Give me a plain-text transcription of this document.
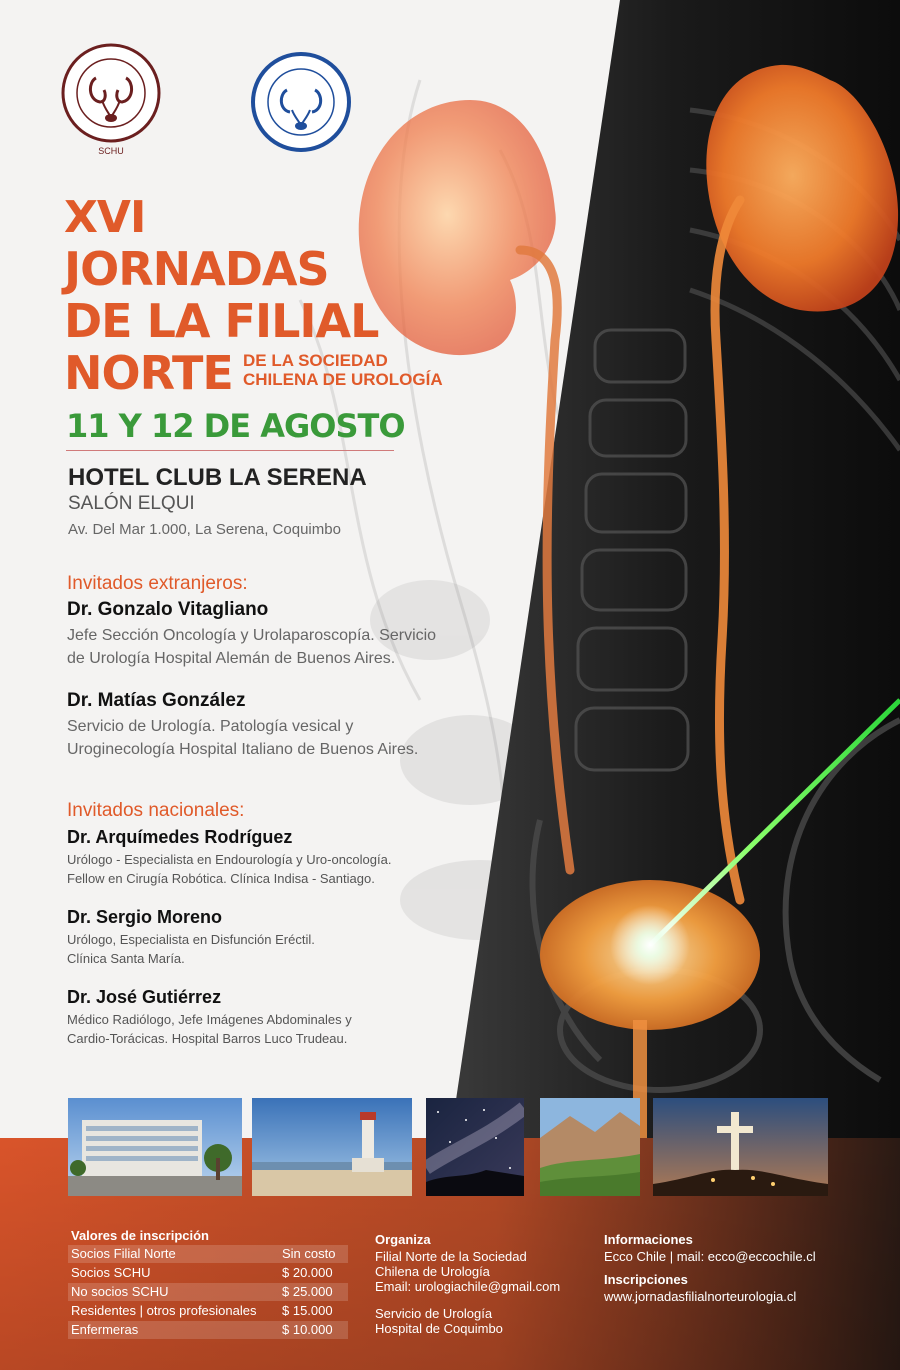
SCHU
XVI
JORNADAS
DE LA FILIAL
NORTE DE LA SOCIEDAD
CHILENA DE UROLOGÍA
11 Y 12 DE AGOSTO
HOTEL CLUB LA SERENA
SALÓN ELQUI
Av. Del Mar 1.000, La Serena, Coquimbo
Invitados extranjeros:
Dr. Gonzalo Vitagliano
Jefe Sección Oncología y Urolaparoscopía. Servicio
de Urología Hospital Alemán de Buenos Aires.
Dr. Matías González
Servicio de Urología. Patología vesical y
Uroginecología Hospital Italiano de Buenos Aires.
Invitados nacionales:
Dr. Arquímedes Rodríguez
Urólogo - Especialista en Endourología y Uro-oncología.
Fellow en Cirugía Robótica. Clínica Indisa - Santiago.
Dr. Sergio Moreno
Urólogo, Especialista en Disfunción Eréctil.
Clínica Santa María.
Dr. José Gutiérrez
Médico Radiólogo, Jefe Imágenes Abdominales y
Cardio-Torácicas. Hospital Barros Luco Trudeau.
Valores de inscripción
Socios Filial Norte	Sin costo
Socios SCHU	$ 20.000
No socios SCHU	$ 25.000
Residentes | otros profesionales $ 15.000
Enfermeras	$ 10.000
Organiza
Filial Norte de la Sociedad
Chilena de Urología
Email: urologiachile@gmail.com
Servicio de Urología
Hospital de Coquimbo
Informaciones
Ecco Chile | mail: ecco@eccochile.cl
Inscripciones
www.jornadasfilialnorteurologia.cl
